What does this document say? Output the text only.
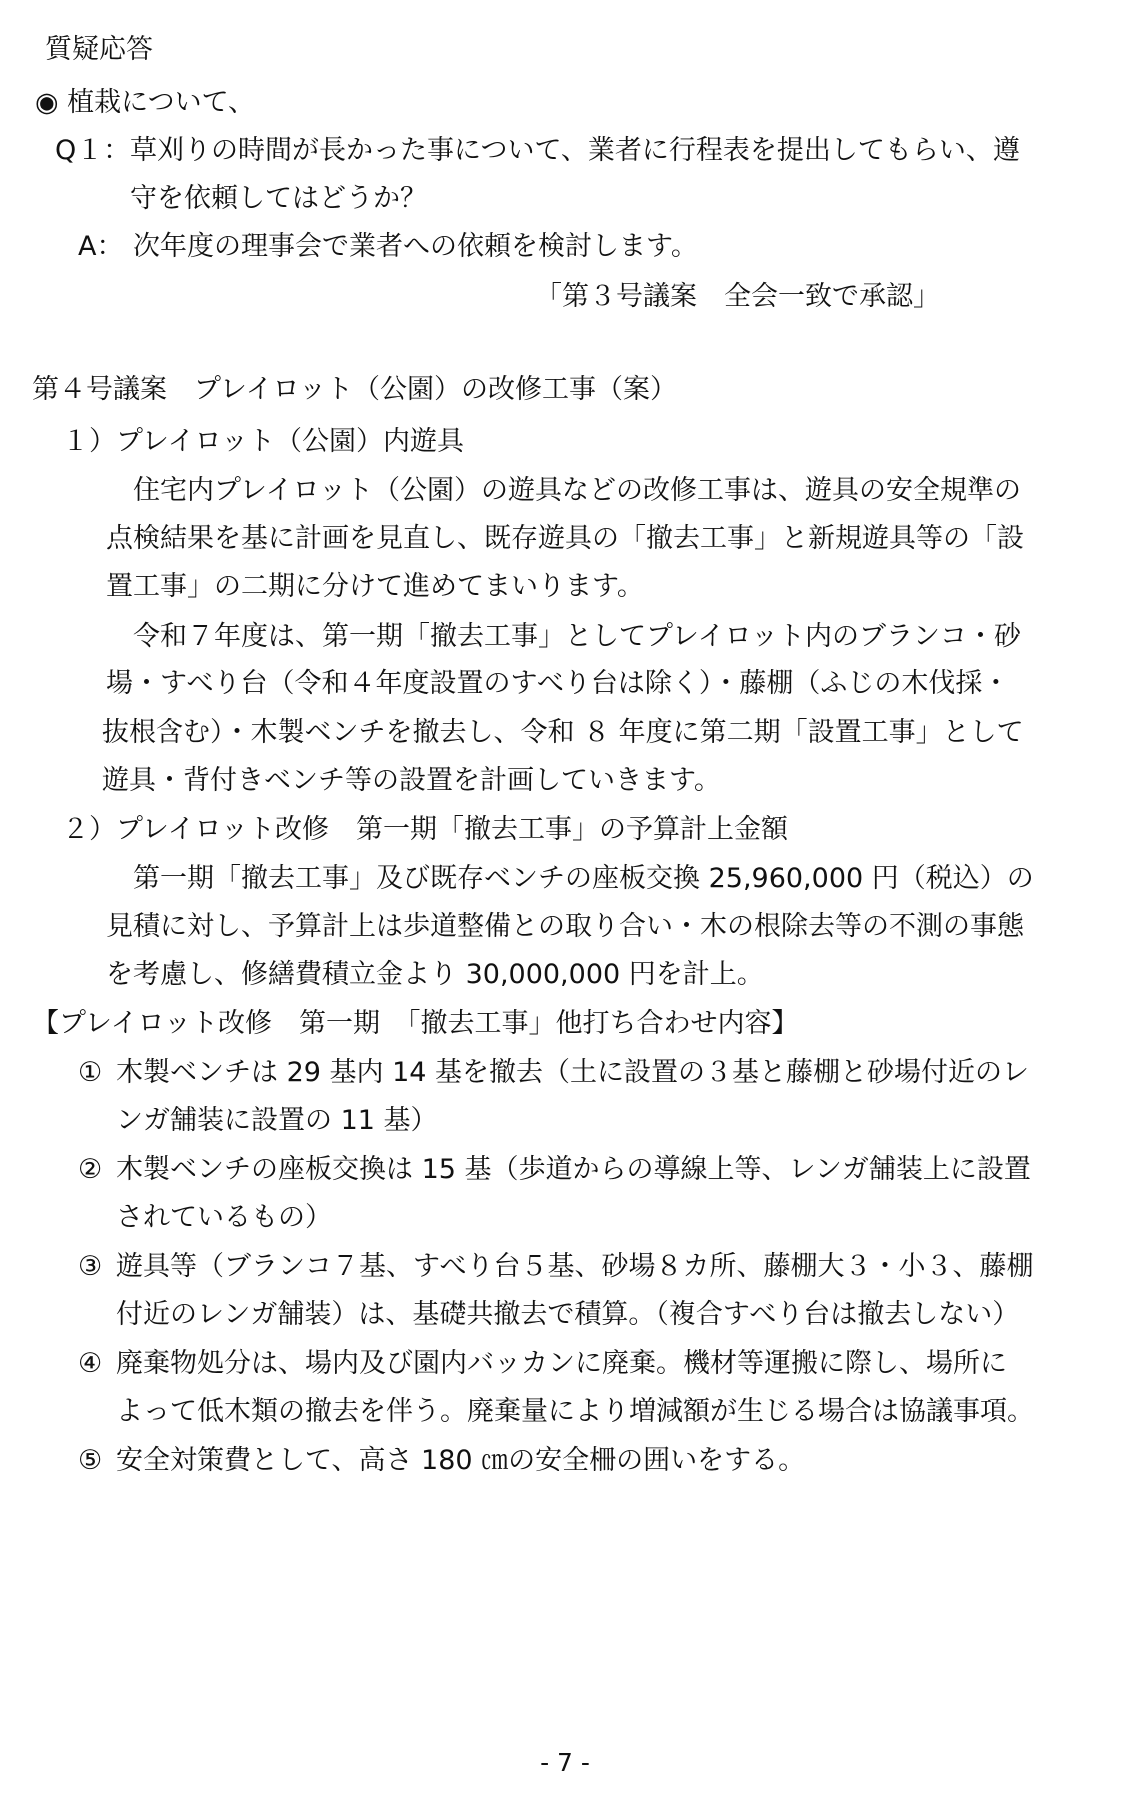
質疑応答
◉ 植栽について、
Q１： 草刈りの時間が長かった事について、業者に行程表を提出してもらい、遵
守を依頼してはどうか？
A： 次年度の理事会で業者への依頼を検討します。
「第３号議案　全会一致で承認」
第４号議案　プレイロット（公園）の改修工事（案）
１）プレイロット（公園）内遊具
住宅内プレイロット（公園）の遊具などの改修工事は、遊具の安全規準の
点検結果を基に計画を見直し、既存遊具の「撤去工事」と新規遊具等の「設
置工事」の二期に分けて進めてまいります。
令和７年度は、第一期「撤去工事」としてプレイロット内のブランコ・砂
場・すべり台（令和４年度設置のすべり台は除く）・藤棚（ふじの木伐採・
抜根含む）・木製ベンチを撤去し、令和 ８ 年度に第二期「設置工事」として
遊具・背付きベンチ等の設置を計画していきます。
２）プレイロット改修　第一期「撤去工事」の予算計上金額
第一期「撤去工事」及び既存ベンチの座板交換 25,960,000 円（税込）の
見積に対し、予算計上は歩道整備との取り合い・木の根除去等の不測の事態
を考慮し、修繕費積立金より 30,000,000 円を計上。
【プレイロット改修　第一期　「撤去工事」他打ち合わせ内容】
① 木製ベンチは 29 基内 14 基を撤去（土に設置の３基と藤棚と砂場付近のレ
ンガ舗装に設置の 11 基）
② 木製ベンチの座板交換は 15 基（歩道からの導線上等、レンガ舗装上に設置
されているもの）
③ 遊具等（ブランコ７基、すべり台５基、砂場８カ所、藤棚大３・小３、藤棚
付近のレンガ舗装）は、基礎共撤去で積算。（複合すべり台は撤去しない）
④ 廃棄物処分は、場内及び園内バッカンに廃棄。機材等運搬に際し、場所に
よって低木類の撤去を伴う。廃棄量により増減額が生じる場合は協議事項。
⑤ 安全対策費として、高さ 180 ㎝の安全柵の囲いをする。
- 7 -
